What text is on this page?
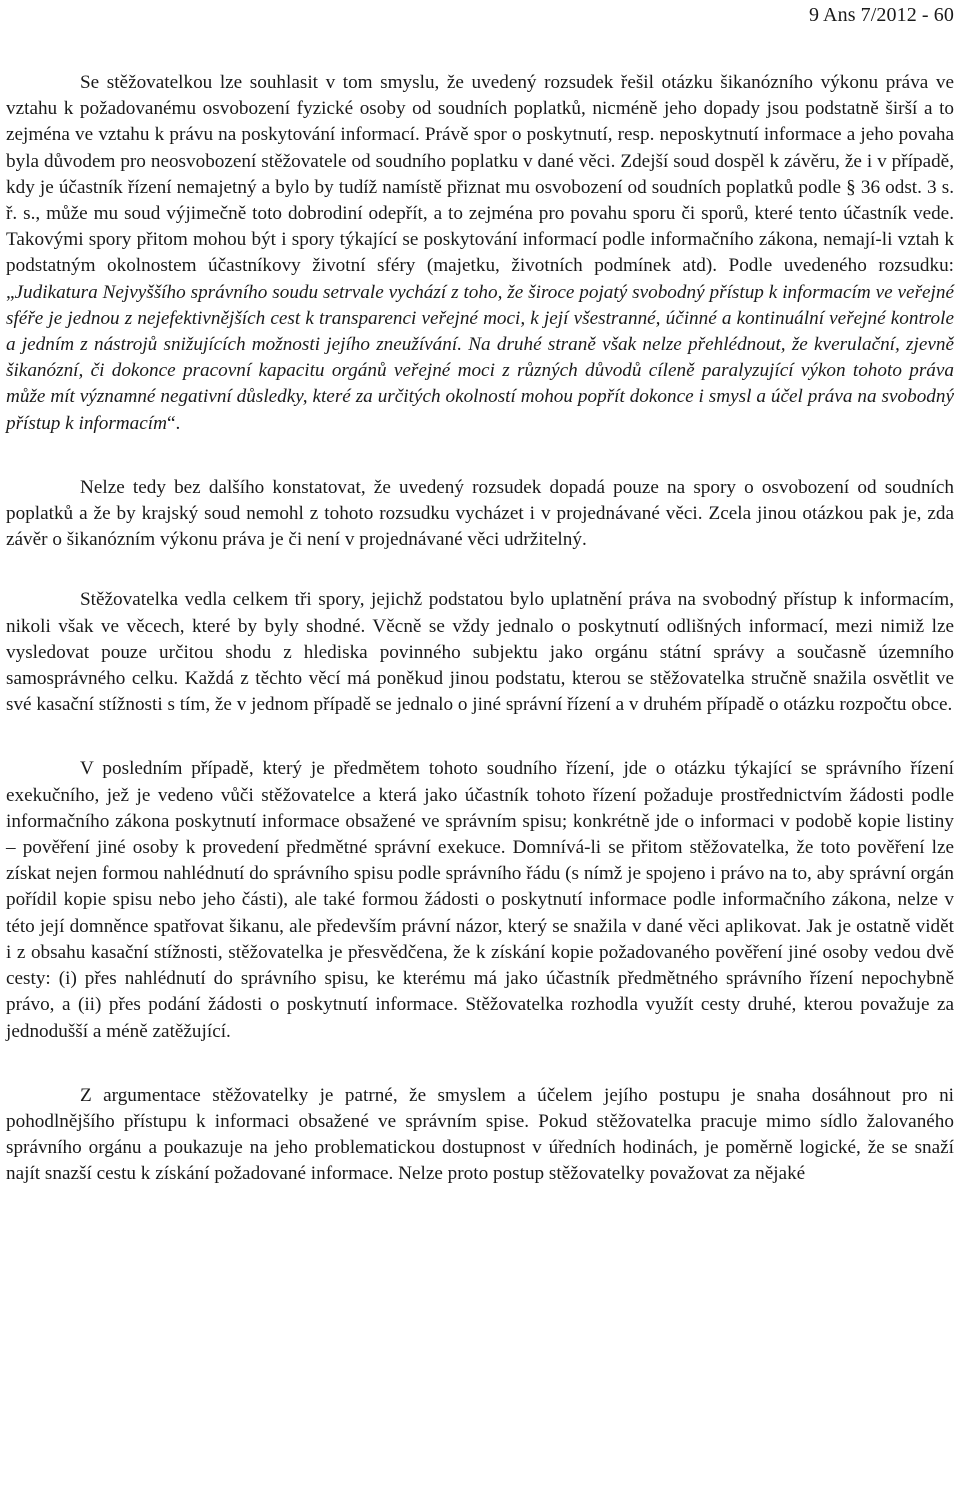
9 Ans 7/2012 - 60

Se stěžovatelkou lze souhlasit v tom smyslu, že uvedený rozsudek řešil otázku šikanózního výkonu práva ve vztahu k požadovanému osvobození fyzické osoby od soudních poplatků, nicméně jeho dopady jsou podstatně širší a to zejména ve vztahu k právu na poskytování informací. Právě spor o poskytnutí, resp. neposkytnutí informace a jeho povaha byla důvodem pro neosvobození stěžovatele od soudního poplatku v dané věci. Zdejší soud dospěl k závěru, že i v případě, kdy je účastník řízení nemajetný a bylo by tudíž namístě přiznat mu osvobození od soudních poplatků podle § 36 odst. 3 s. ř. s., může mu soud výjimečně toto dobrodiní odepřít, a to zejména pro povahu sporu či sporů, které tento účastník vede. Takovými spory přitom mohou být i spory týkající se poskytování informací podle informačního zákona, nemají-li vztah k podstatným okolnostem účastníkovy životní sféry (majetku, životních podmínek atd). Podle uvedeného rozsudku: „Judikatura Nejvyššího správního soudu setrvale vychází z toho, že široce pojatý svobodný přístup k informacím ve veřejné sféře je jednou z nejefektivnějších cest k transparenci veřejné moci, k její všestranné, účinné a kontinuální veřejné kontrole a jedním z nástrojů snižujících možnosti jejího zneužívání. Na druhé straně však nelze přehlédnout, že kverulační, zjevně šikanózní, či dokonce pracovní kapacitu orgánů veřejné moci z různých důvodů cíleně paralyzující výkon tohoto práva může mít významné negativní důsledky, které za určitých okolností mohou popřít dokonce i smysl a účel práva na svobodný přístup k informacím“.

Nelze tedy bez dalšího konstatovat, že uvedený rozsudek dopadá pouze na spory o osvobození od soudních poplatků a že by krajský soud nemohl z tohoto rozsudku vycházet i v projednávané věci. Zcela jinou otázkou pak je, zda závěr o šikanózním výkonu práva je či není v projednávané věci udržitelný.

Stěžovatelka vedla celkem tři spory, jejichž podstatou bylo uplatnění práva na svobodný přístup k informacím, nikoli však ve věcech, které by byly shodné. Věcně se vždy jednalo o poskytnutí odlišných informací, mezi nimiž lze vysledovat pouze určitou shodu z hlediska povinného subjektu jako orgánu státní správy a současně územního samosprávného celku. Každá z těchto věcí má poněkud jinou podstatu, kterou se stěžovatelka stručně snažila osvětlit ve své kasační stížnosti s tím, že v jednom případě se jednalo o jiné správní řízení a v druhém případě o otázku rozpočtu obce.

V posledním případě, který je předmětem tohoto soudního řízení, jde o otázku týkající se správního řízení exekučního, jež je vedeno vůči stěžovatelce a která jako účastník tohoto řízení požaduje prostřednictvím žádosti podle informačního zákona poskytnutí informace obsažené ve správním spisu; konkrétně jde o informaci v podobě kopie listiny – pověření jiné osoby k provedení předmětné správní exekuce. Domnívá-li se přitom stěžovatelka, že toto pověření lze získat nejen formou nahlédnutí do správního spisu podle správního řádu (s nímž je spojeno i právo na to, aby správní orgán pořídil kopie spisu nebo jeho části), ale také formou žádosti o poskytnutí informace podle informačního zákona, nelze v této její domněnce spatřovat šikanu, ale především právní názor, který se snažila v dané věci aplikovat. Jak je ostatně vidět i z obsahu kasační stížnosti, stěžovatelka je přesvědčena, že k získání kopie požadovaného pověření jiné osoby vedou dvě cesty: (i) přes nahlédnutí do správního spisu, ke kterému má jako účastník předmětného správního řízení nepochybně právo, a (ii) přes podání žádosti o poskytnutí informace. Stěžovatelka rozhodla využít cesty druhé, kterou považuje za jednodušší a méně zatěžující.

Z argumentace stěžovatelky je patrné, že smyslem a účelem jejího postupu je snaha dosáhnout pro ni pohodlnějšího přístupu k informaci obsažené ve správním spise. Pokud stěžovatelka pracuje mimo sídlo žalovaného správního orgánu a poukazuje na jeho problematickou dostupnost v úředních hodinách, je poměrně logické, že se snaží najít snazší cestu k získání požadované informace. Nelze proto postup stěžovatelky považovat za nějaké
